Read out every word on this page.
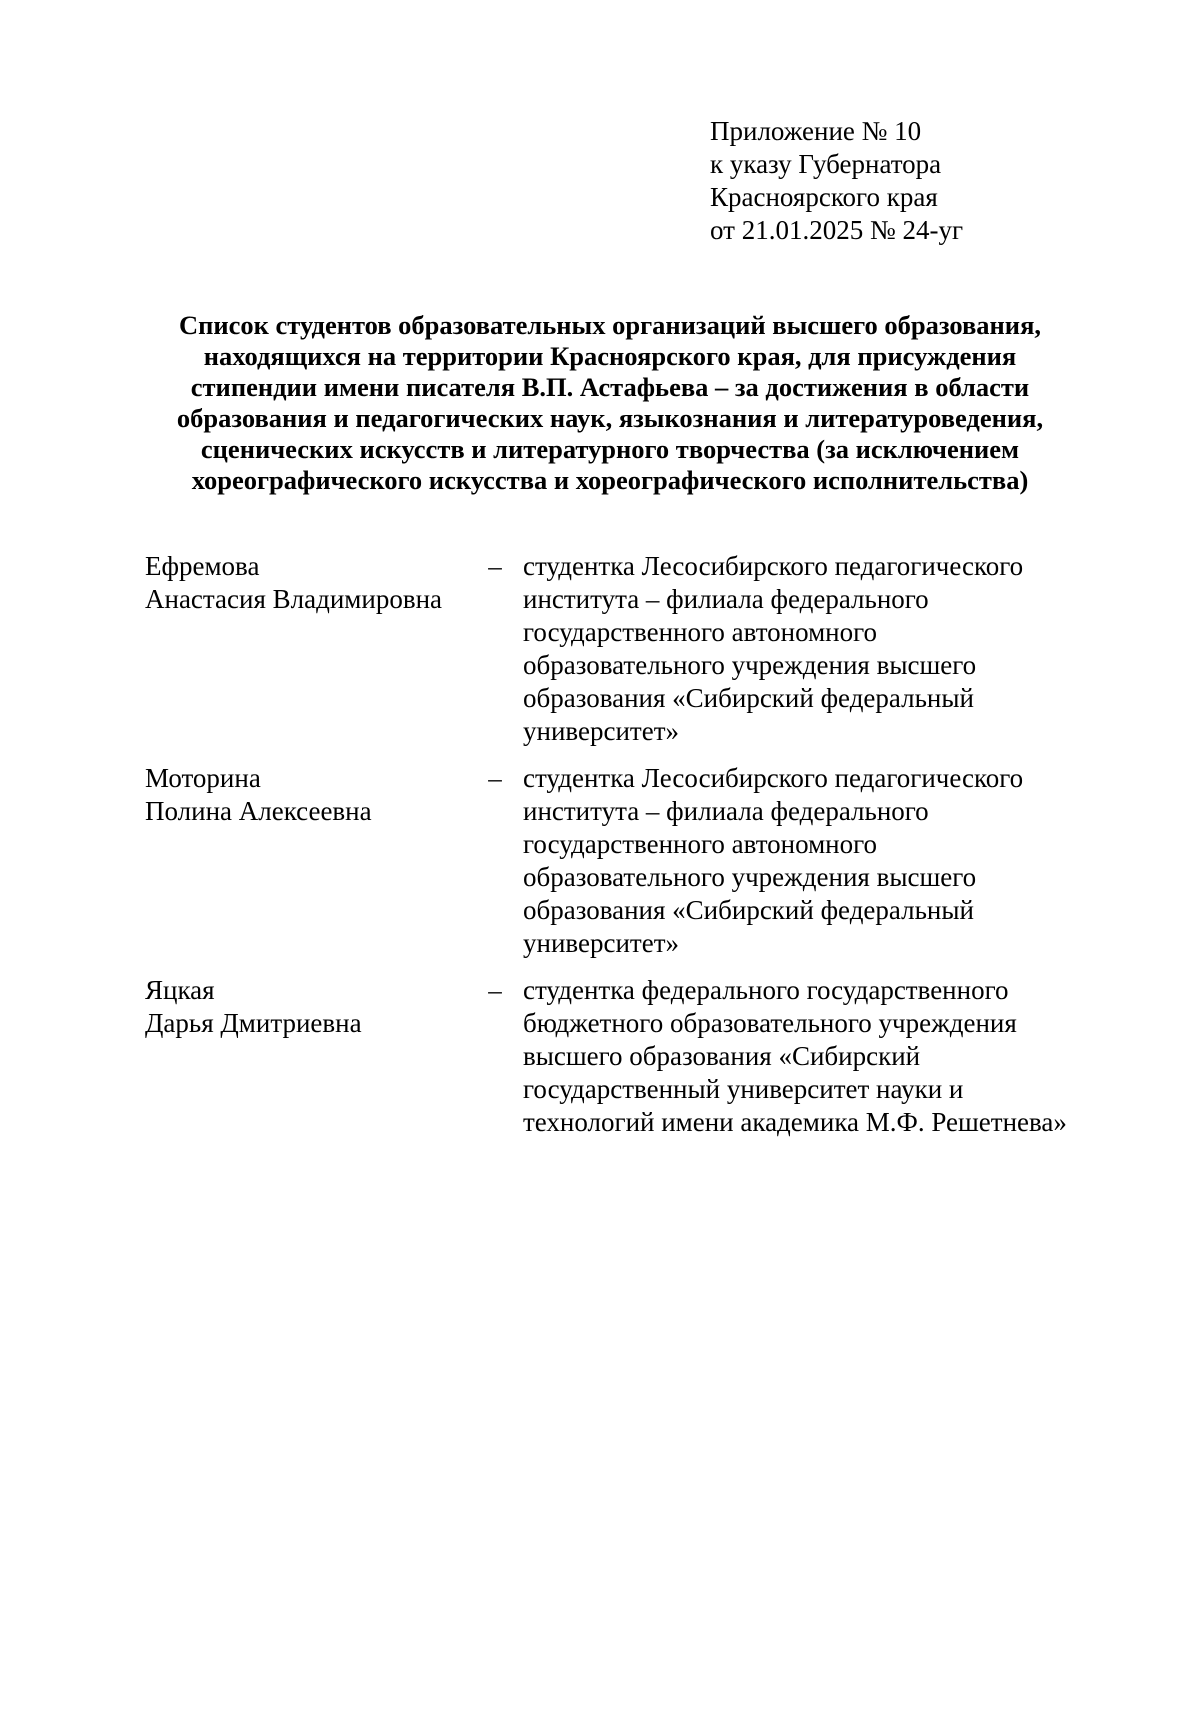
Приложение № 10
к указу Губернатора
Красноярского края
от 21.01.2025 № 24-уг
Список студентов образовательных организаций высшего образования,
находящихся на территории Красноярского края, для присуждения
стипендии имени писателя В.П. Астафьева – за достижения в области
образования и педагогических наук, языкознания и литературоведения,
сценических искусств и литературного творчества (за исключением
хореографического искусства и хореографического исполнительства)
Ефремова
Анастасия Владимировна
– студентка Лесосибирского педагогического
института – филиала федерального
государственного автономного
образовательного учреждения высшего
образования «Сибирский федеральный
университет»
Моторина
Полина Алексеевна
– студентка Лесосибирского педагогического
института – филиала федерального
государственного автономного
образовательного учреждения высшего
образования «Сибирский федеральный
университет»
Яцкая
Дарья Дмитриевна
– студентка федерального государственного
бюджетного образовательного учреждения
высшего образования «Сибирский
государственный университет науки и
технологий имени академика М.Ф. Решетнева»
